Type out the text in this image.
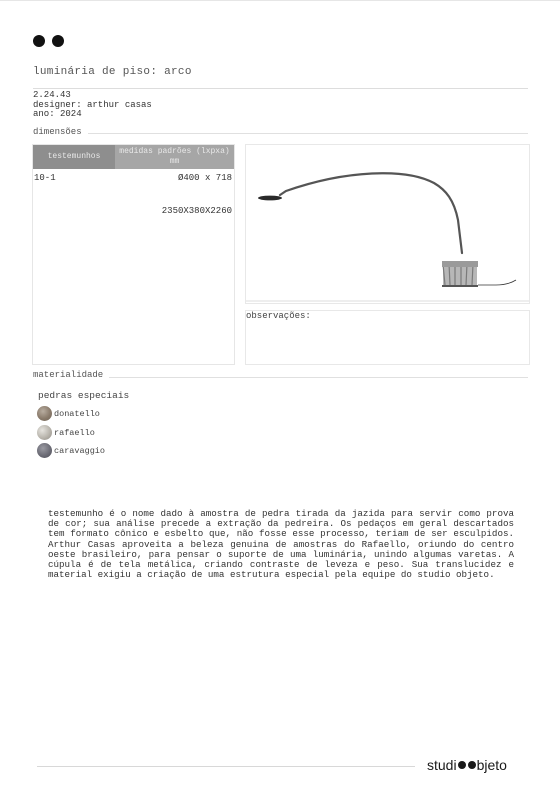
luminária de piso: arco
2.24.43
designer: arthur casas
ano: 2024
dimensões
testemunhos
medidas padrões (lxpxa) mm
10-1	Ø400 x 718
2350X380X2260
observações:
materialidade
pedras especiais
donatello
rafaello
caravaggio
testemunho é o nome dado à amostra de pedra tirada da jazida para servir como prova de cor; sua análise precede a extração da pedreira. Os pedaços em geral descartados tem formato cônico e esbelto que, não fosse esse processo, teriam de ser esculpidos. Arthur Casas aproveita a beleza genuina de amostras do Rafaello, oriundo do centro oeste brasileiro, para pensar o suporte de uma luminária, unindo algumas varetas. A cúpula é de tela metálica, criando contraste de leveza e peso. Sua translucidez e material exigiu a criação de uma estrutura especial pela equipe do studio objeto.
studi bjeto
